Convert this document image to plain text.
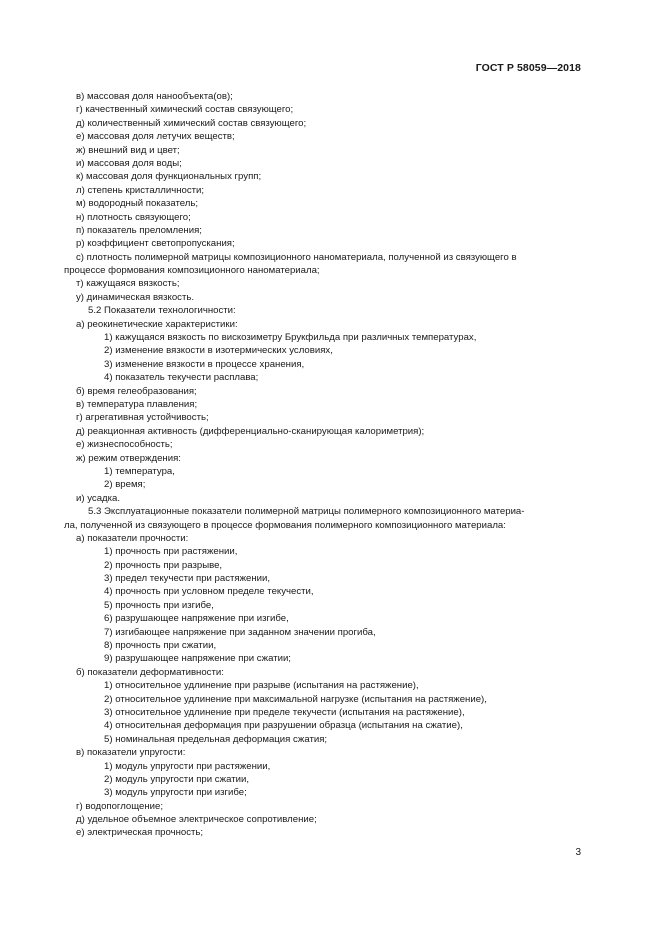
ГОСТ Р 58059—2018
в) массовая доля нанообъекта(ов);
г) качественный химический состав связующего;
д) количественный химический состав связующего;
е) массовая доля летучих веществ;
ж) внешний вид и цвет;
и) массовая доля воды;
к) массовая доля функциональных групп;
л) степень кристалличности;
м) водородный показатель;
н) плотность связующего;
п) показатель преломления;
р) коэффициент светопропускания;
с) плотность полимерной матрицы композиционного наноматериала, полученной из связующего в
процессе формования композиционного наноматериала;
т) кажущаяся вязкость;
у) динамическая вязкость.
5.2 Показатели технологичности:
а) реокинетические характеристики:
1) кажущаяся вязкость по вискозиметру Брукфильда при различных температурах,
2) изменение вязкости в изотермических условиях,
3) изменение вязкости в процессе хранения,
4) показатель текучести расплава;
б) время гелеобразования;
в) температура плавления;
г) агрегативная устойчивость;
д) реакционная активность (дифференциально-сканирующая калориметрия);
е) жизнеспособность;
ж) режим отверждения:
1) температура,
2) время;
и) усадка.
5.3 Эксплуатационные показатели полимерной матрицы полимерного композиционного материа-
ла, полученной из связующего в процессе формования полимерного композиционного материала:
а) показатели прочности:
1) прочность при растяжении,
2) прочность при разрыве,
3) предел текучести при растяжении,
4) прочность при условном пределе текучести,
5) прочность при изгибе,
6) разрушающее напряжение при изгибе,
7) изгибающее напряжение при заданном значении прогиба,
8) прочность при сжатии,
9) разрушающее напряжение при сжатии;
б) показатели деформативности:
1) относительное удлинение при разрыве (испытания на растяжение),
2) относительное удлинение при максимальной нагрузке (испытания на растяжение),
3) относительное удлинение при пределе текучести (испытания на растяжение),
4) относительная деформация при разрушении образца (испытания на сжатие),
5) номинальная предельная деформация сжатия;
в) показатели упругости:
1) модуль упругости при растяжении,
2) модуль упругости при сжатии,
3) модуль упругости при изгибе;
г) водопоглощение;
д) удельное объемное электрическое сопротивление;
е) электрическая прочность;
3
